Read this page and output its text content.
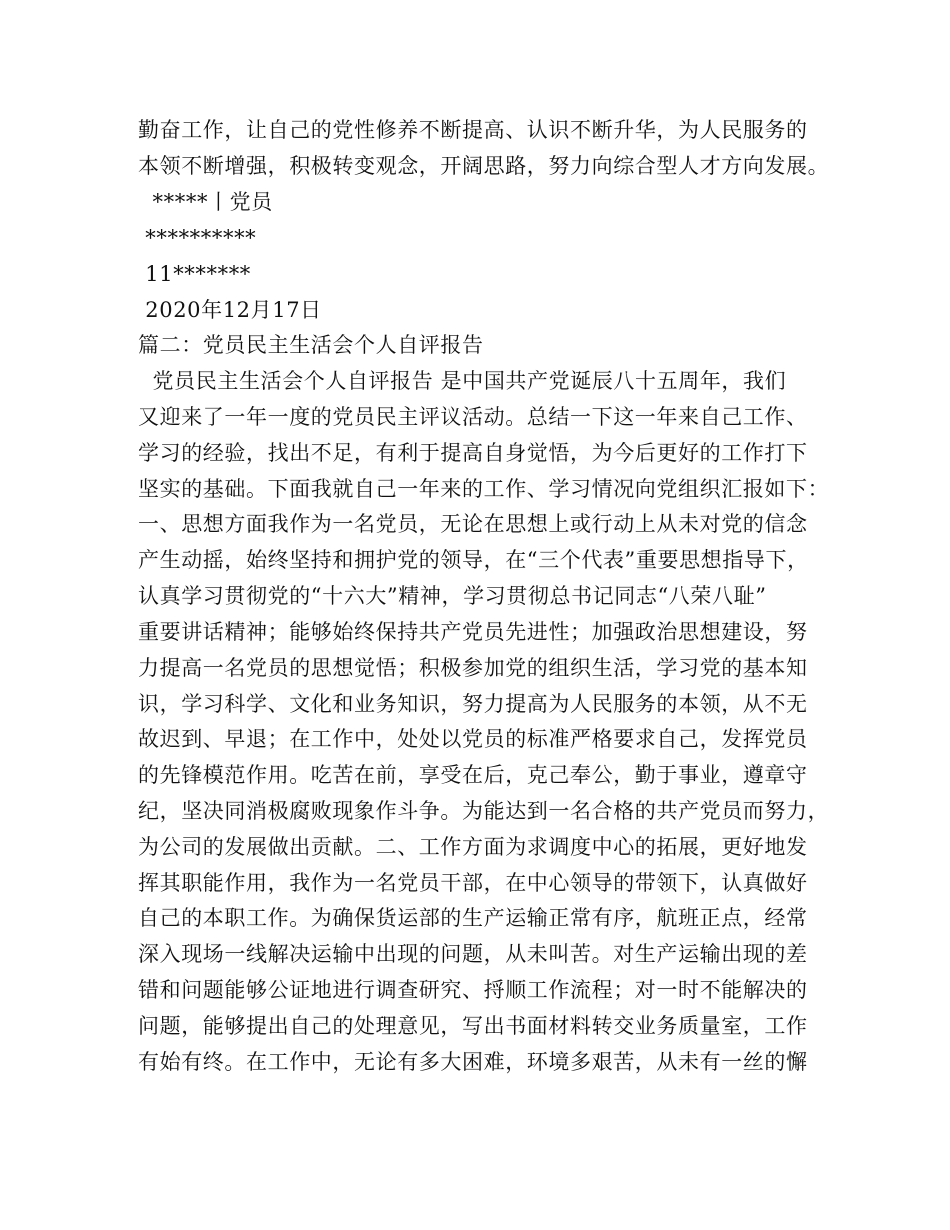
勤奋工作，让自己的党性修养不断提高、认识不断升华，为人民服务的
本领不断增强，积极转变观念，开阔思路，努力向综合型人才方向发展。
*****丨党员
**********
11*******
2020年12月17日
篇二：党员民主生活会个人自评报告
党员民主生活会个人自评报告 是中国共产党诞辰八十五周年，我们
又迎来了一年一度的党员民主评议活动。总结一下这一年来自己工作、
学习的经验，找出不足，有利于提高自身觉悟，为今后更好的工作打下
坚实的基础。下面我就自己一年来的工作、学习情况向党组织汇报如下：
一、思想方面我作为一名党员，无论在思想上或行动上从未对党的信念
产生动摇，始终坚持和拥护党的领导，在“三个代表”重要思想指导下，
认真学习贯彻党的“十六大”精神，学习贯彻总书记同志“八荣八耻”
重要讲话精神；能够始终保持共产党员先进性；加强政治思想建设，努
力提高一名党员的思想觉悟；积极参加党的组织生活，学习党的基本知
识，学习科学、文化和业务知识，努力提高为人民服务的本领，从不无
故迟到、早退；在工作中，处处以党员的标准严格要求自己，发挥党员
的先锋模范作用。吃苦在前，享受在后，克己奉公，勤于事业，遵章守
纪，坚决同消极腐败现象作斗争。为能达到一名合格的共产党员而努力，
为公司的发展做出贡献。二、工作方面为求调度中心的拓展，更好地发
挥其职能作用，我作为一名党员干部，在中心领导的带领下，认真做好
自己的本职工作。为确保货运部的生产运输正常有序，航班正点，经常
深入现场一线解决运输中出现的问题，从未叫苦。对生产运输出现的差
错和问题能够公证地进行调查研究、捋顺工作流程；对一时不能解决的
问题，能够提出自己的处理意见，写出书面材料转交业务质量室，工作
有始有终。在工作中，无论有多大困难，环境多艰苦，从未有一丝的懈
